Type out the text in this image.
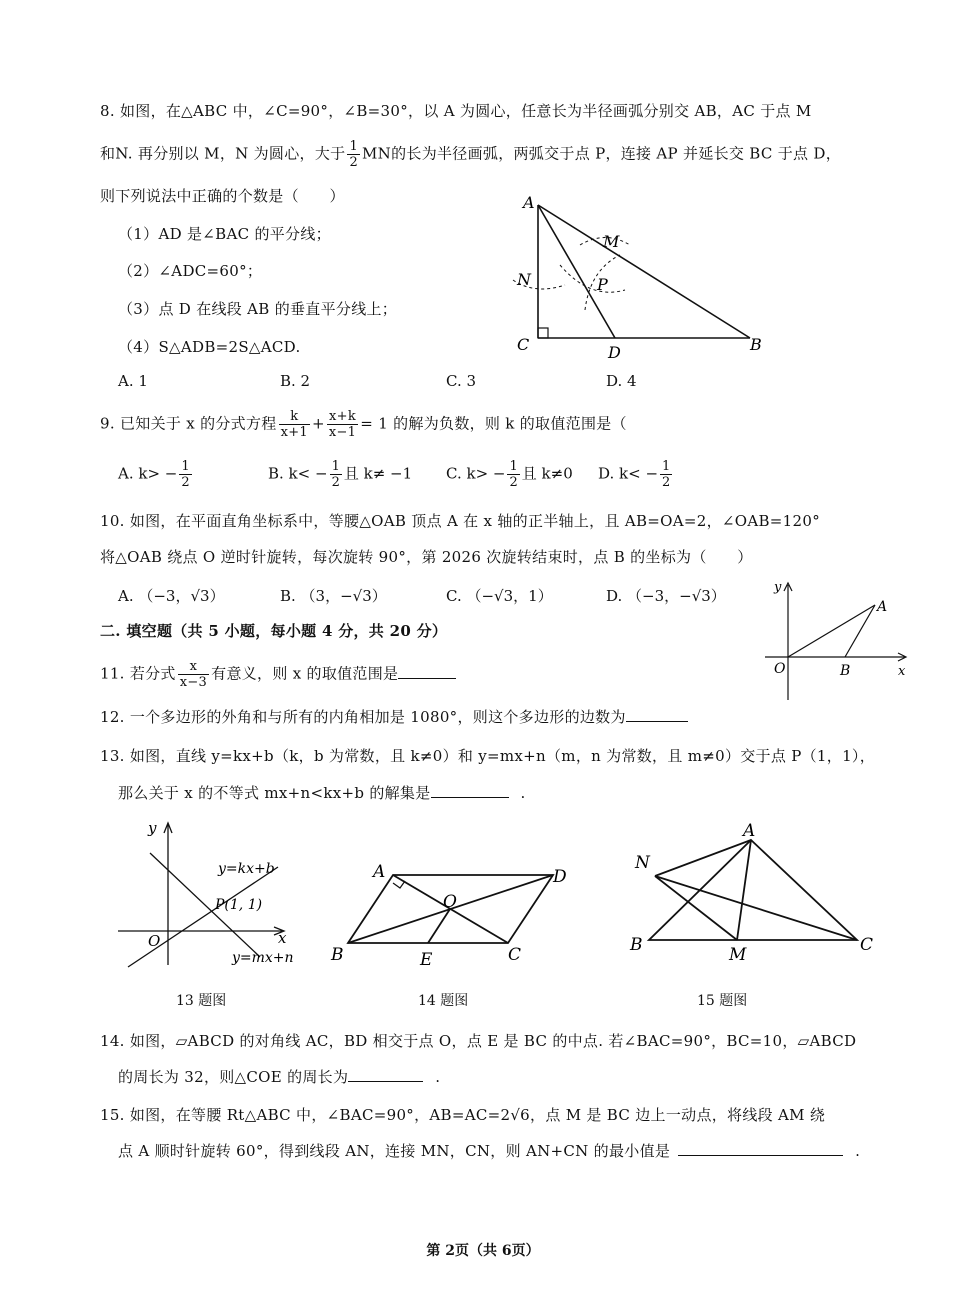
8. 如图，在△ABC 中，∠C=90°，∠B=30°，以 A 为圆心，任意长为半径画弧分别交 AB，AC 于点 M
和N. 再分别以 M，N 为圆心，大于 $\frac{1}{2}$ MN的长为半径画弧，两弧交于点 P，连接 AP 并延长交 BC 于点 D，
则下列说法中正确的个数是（　　）
（1）AD 是∠BAC 的平分线；
（2）∠ADC=60°；
（3）点 D 在线段 AB 的垂直平分线上；
（4）S△ADB=2S△ACD.
A. 1	B. 2	C. 3	D. 4
A
N
M
P
C	D	B
9. 已知关于 x 的分式方程 $\frac{k}{x+1} + \frac{x+k}{x-1} = 1$ 的解为负数，则 k 的取值范围是（
A. $k> - \frac{1}{2}$	B. $k< - \frac{1}{2}$ 且 k≠ −1 C. $k> - \frac{1}{2}$ 且 k≠0 D. $k< - \frac{1}{2}$
10. 如图，在平面直角坐标系中，等腰△OAB 顶点 A 在 x 轴的正半轴上，且 AB=OA=2，∠OAB=120°
将△OAB 绕点 O 逆时针旋转，每次旋转 90°，第 2026 次旋转结束时，点 B 的坐标为（　　）
A. （−3，√3）	B. （3，−√3）	C. （−√3，1）	D. （−3，−√3）	y
x
O
A
B
二. 填空题（共 5 小题，每小题 4 分，共 20 分）
11. 若分式 $\frac{x}{x-3}$ 有意义，则 x 的取值范围是
12. 一个多边形的外角和与所有的内角相加是 1080°，则这个多边形的边数为
13. 如图，直线 y=kx+b（k，b 为常数，且 k≠0）和 y=mx+n（m，n 为常数，且 m≠0）交于点 P（1，1），
那么关于 x 的不等式 mx+n<kx+b 的解集是	.
y
x
O
y=kx+b
P(1, 1)
y=mx+n
13 题图
A	D
O
B	E	C
14 题图
A
N
B	M	C
15 题图
14. 如图，▱ABCD 的对角线 AC，BD 相交于点 O，点 E 是 BC 的中点. 若∠BAC=90°，BC=10，▱ABCD
的周长为 32，则△COE 的周长为	.
15. 如图，在等腰 Rt△ABC 中，∠BAC=90°，AB=AC=2√6，点 M 是 BC 边上一动点，将线段 AM 绕
点 A 顺时针旋转 60°，得到线段 AN，连接 MN，CN，则 AN+CN 的最小值是	.
第 2页（共 6页）
